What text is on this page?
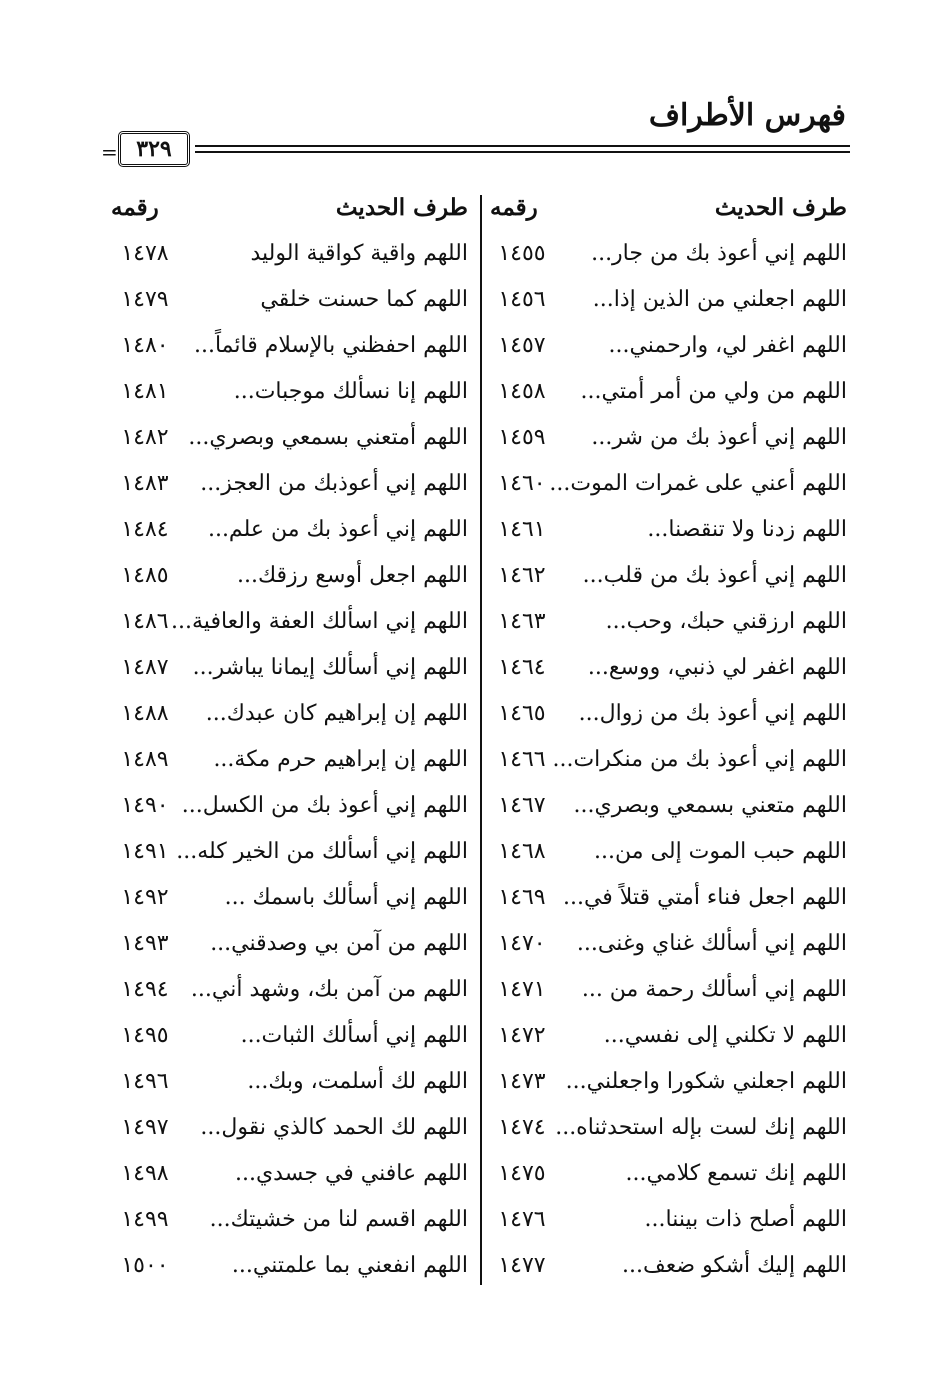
فهرس الأطراف
٣٢٩
=
طرف الحديث
رقمه
طرف الحديث
رقمه
اللهم إني أعوذ بك من جار...
١٤٥٥
اللهم واقية كواقية الوليد
١٤٧٨
اللهم اجعلني من الذين إذا...
١٤٥٦
اللهم كما حسنت خلقي
١٤٧٩
اللهم اغفر لي، وارحمني...
١٤٥٧
اللهم احفظني بالإسلام قائماً...
١٤٨٠
اللهم من ولي من أمر أمتي...
١٤٥٨
اللهم إنا نسألك موجبات...
١٤٨١
اللهم إني أعوذ بك من شر...
١٤٥٩
اللهم أمتعني بسمعي وبصري...
١٤٨٢
اللهم أعني على غمرات الموت...
١٤٦٠
اللهم إني أعوذبك من العجز...
١٤٨٣
اللهم زدنا ولا تنقصنا...
١٤٦١
اللهم إني أعوذ بك من علم...
١٤٨٤
اللهم إني أعوذ بك من قلب...
١٤٦٢
اللهم اجعل أوسع رزقك...
١٤٨٥
اللهم ارزقني حبك، وحب...
١٤٦٣
اللهم إني اسألك العفة والعافية...
١٤٨٦
اللهم اغفر لي ذنبي، ووسع...
١٤٦٤
اللهم إني أسألك إيمانا يباشر...
١٤٨٧
اللهم إني أعوذ بك من زوال...
١٤٦٥
اللهم إن إبراهيم كان عبدك...
١٤٨٨
اللهم إني أعوذ بك من منكرات...
١٤٦٦
اللهم إن إبراهيم حرم مكة...
١٤٨٩
اللهم متعني بسمعي وبصري...
١٤٦٧
اللهم إني أعوذ بك من الكسل...
١٤٩٠
اللهم حبب الموت إلى من...
١٤٦٨
اللهم إني أسألك من الخير كله...
١٤٩١
اللهم اجعل فناء أمتي قتلاً في...
١٤٦٩
اللهم إني أسألك باسمك ...
١٤٩٢
اللهم إني أسألك غناي وغنى...
١٤٧٠
اللهم من آمن بي وصدقني...
١٤٩٣
اللهم إني أسألك رحمة من ...
١٤٧١
اللهم من آمن بك، وشهد أني...
١٤٩٤
اللهم لا تكلني إلى نفسي...
١٤٧٢
اللهم إني أسألك الثبات...
١٤٩٥
اللهم اجعلني شكورا واجعلني...
١٤٧٣
اللهم لك أسلمت، وبك...
١٤٩٦
اللهم إنك لست بإله استحدثناه...
١٤٧٤
اللهم لك الحمد كالذي نقول...
١٤٩٧
اللهم إنك تسمع كلامي...
١٤٧٥
اللهم عافني في جسدي...
١٤٩٨
اللهم أصلح ذات بيننا...
١٤٧٦
اللهم اقسم لنا من خشيتك...
١٤٩٩
اللهم إليك أشكو ضعف...
١٤٧٧
اللهم انفعني بما علمتني...
١٥٠٠
